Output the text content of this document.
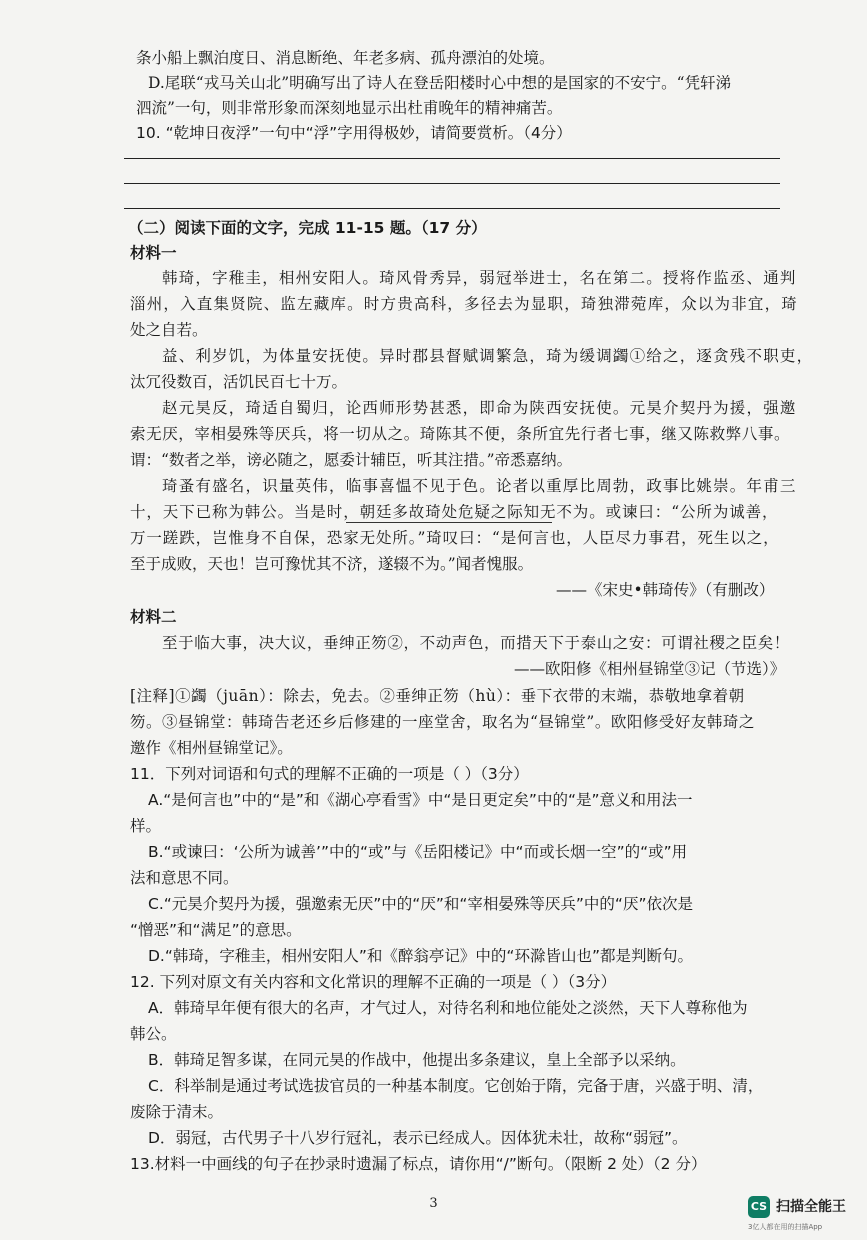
条小船上飘泊度日、消息断绝、年老多病、孤舟漂泊的处境。
D.尾联“戎马关山北”明确写出了诗人在登岳阳楼时心中想的是国家的不安宁。“凭轩涕
泗流”一句，则非常形象而深刻地显示出杜甫晚年的精神痛苦。
10. “乾坤日夜浮”一句中“浮”字用得极妙，请简要赏析。（4分）
（二）阅读下面的文字，完成 11-15 题。（17 分）
材料一
韩琦，字稚圭，相州安阳人。琦风骨秀异，弱冠举进士，名在第二。授将作监丞、通判
淄州，入直集贤院、监左藏库。时方贵高科，多径去为显职，琦独滞菀库，众以为非宜，琦
处之自若。
益、利岁饥，为体量安抚使。异时郡县督赋调繁急，琦为缓调蠲①给之，逐贪残不职吏，
汰冗役数百，活饥民百七十万。
赵元昊反，琦适自蜀归，论西师形势甚悉，即命为陕西安抚使。元昊介契丹为援，强邀
索无厌，宰相晏殊等厌兵，将一切从之。琦陈其不便，条所宜先行者七事，继又陈救弊八事。
谓：“数者之举，谤必随之，愿委计辅臣，听其注措。”帝悉嘉纳。
琦蚤有盛名，识量英伟，临事喜愠不见于色。论者以重厚比周勃，政事比姚崇。年甫三
十，天下已称为韩公。当是时，朝廷多故琦处危疑之际知无不为。或谏曰：“公所为诚善，
万一蹉跌，岂惟身不自保，恐家无处所。”琦叹曰：“是何言也，人臣尽力事君，死生以之，
至于成败，天也！岂可豫忧其不济，遂辍不为。”闻者愧服。
——《宋史•韩琦传》（有删改）
材料二
至于临大事，决大议，垂绅正笏②，不动声色，而措天下于泰山之安：可谓社稷之臣矣！
——欧阳修《相州昼锦堂③记（节选）》
[注释]①蠲（juān）：除去，免去。②垂绅正笏（hù）：垂下衣带的末端，恭敬地拿着朝
笏。③昼锦堂：韩琦告老还乡后修建的一座堂舍，取名为“昼锦堂”。欧阳修受好友韩琦之
邀作《相州昼锦堂记》。
11．下列对词语和句式的理解不正确的一项是（ ）（3分）
A.“是何言也”中的“是”和《湖心亭看雪》中“是日更定矣”中的“是”意义和用法一
样。
B.“或谏曰：‘公所为诚善’”中的“或”与《岳阳楼记》中“而或长烟一空”的“或”用
法和意思不同。
C.“元昊介契丹为援，强邀索无厌”中的“厌”和“宰相晏殊等厌兵”中的“厌”依次是
“憎恶”和“满足”的意思。
D.“韩琦，字稚圭，相州安阳人”和《醉翁亭记》中的“环滁皆山也”都是判断句。
12. 下列对原文有关内容和文化常识的理解不正确的一项是（ ）（3分）
A．韩琦早年便有很大的名声，才气过人，对待名利和地位能处之淡然，天下人尊称他为
韩公。
B．韩琦足智多谋，在同元昊的作战中，他提出多条建议，皇上全部予以采纳。
C．科举制是通过考试选拔官员的一种基本制度。它创始于隋，完备于唐，兴盛于明、清，
废除于清末。
D．弱冠，古代男子十八岁行冠礼，表示已经成人。因体犹未壮，故称“弱冠”。
13.材料一中画线的句子在抄录时遗漏了标点，请你用“/”断句。（限断 2 处）（2 分）
3	CS 扫描全能王
3亿人都在用的扫描App
